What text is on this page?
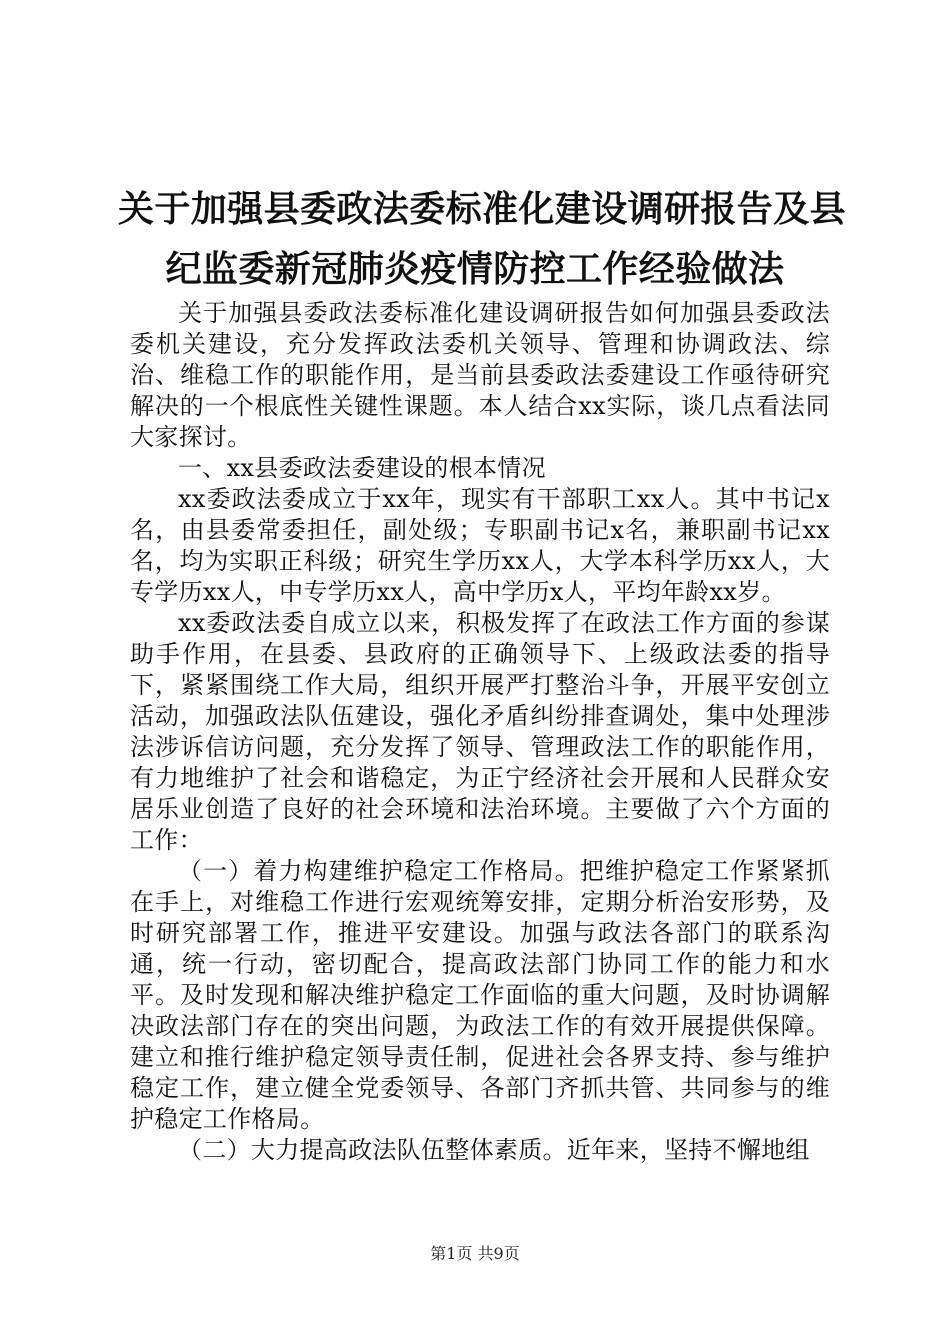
关于加强县委政法委标准化建设调研报告及县
纪监委新冠肺炎疫情防控工作经验做法

关于加强县委政法委标准化建设调研报告如何加强县委政法委机关建设，充分发挥政法委机关领导、管理和协调政法、综治、维稳工作的职能作用，是当前县委政法委建设工作亟待研究解决的一个根底性关键性课题。本人结合xx实际，谈几点看法同大家探讨。

一、xx县委政法委建设的根本情况

xx委政法委成立于xx年，现实有干部职工xx人。其中书记x名，由县委常委担任，副处级；专职副书记x名，兼职副书记xx名，均为实职正科级；研究生学历xx人，大学本科学历xx人，大专学历xx人，中专学历xx人，高中学历x人，平均年龄xx岁。

xx委政法委自成立以来，积极发挥了在政法工作方面的参谋助手作用，在县委、县政府的正确领导下、上级政法委的指导下，紧紧围绕工作大局，组织开展严打整治斗争，开展平安创立活动，加强政法队伍建设，强化矛盾纠纷排查调处，集中处理涉法涉诉信访问题，充分发挥了领导、管理政法工作的职能作用，有力地维护了社会和谐稳定，为正宁经济社会开展和人民群众安居乐业创造了良好的社会环境和法治环境。主要做了六个方面的工作：

（一）着力构建维护稳定工作格局。把维护稳定工作紧紧抓在手上，对维稳工作进行宏观统筹安排，定期分析治安形势，及时研究部署工作，推进平安建设。加强与政法各部门的联系沟通，统一行动，密切配合，提高政法部门协同工作的能力和水平。及时发现和解决维护稳定工作面临的重大问题，及时协调解决政法部门存在的突出问题，为政法工作的有效开展提供保障。建立和推行维护稳定领导责任制，促进社会各界支持、参与维护稳定工作，建立健全党委领导、各部门齐抓共管、共同参与的维护稳定工作格局。

（二）大力提高政法队伍整体素质。近年来，坚持不懈地组

第1页 共9页
